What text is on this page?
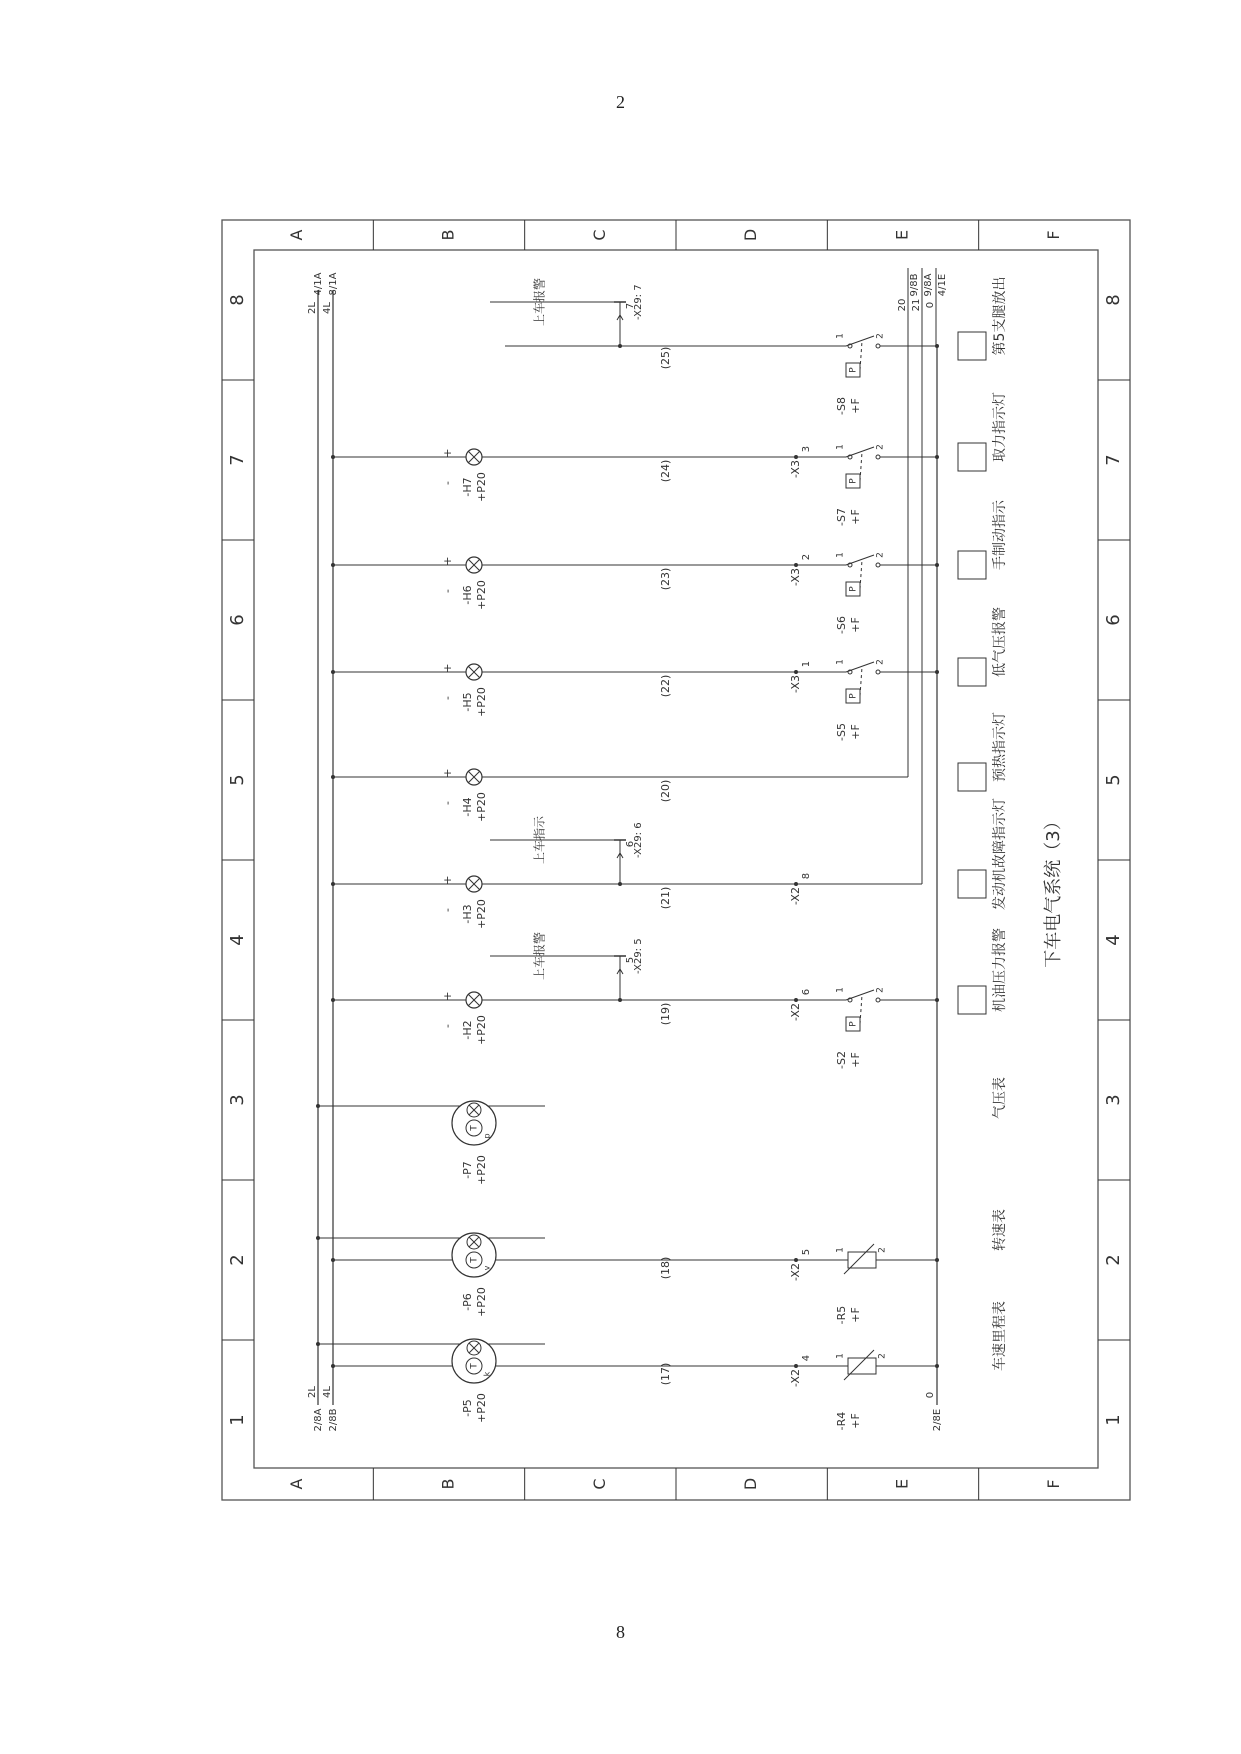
2
A
A
B
B
C
C
D
D
E
E
F
F
8	8
7	7
6	6
5	5
4	4
3	3
2	2
1	1
2L 4L
4/1A 8/1A
2L 4L
2/8A 2/8B	2/8E
0
20
9/8B
21
9/8A
0
4/1E
-X2
4
(17)
1	2
-R4 +F
T
k
-P5 +P20
车速里程表
-X2
5
(18)
1	2
-R5 +F
T
v
-P6 +P20
转速表
T
p
-P7 +P20
气压表
+
- -H2 +P20
(19)	-X2
6	1	2
P
-S2 +F
5
-X29: 5
上车报警	机油压力报警
+
- -H3 +P20
(21)	-X2
8
6
-X29: 6
上车指示	发动机故障指示灯
+
- -H4 +P20
(20)
预热指示灯
+
- -H5 +P20
(22)	-X3
1	1	2
P
-S5 +F
低气压报警
+
- -H6 +P20
(23)	-X3
2	1	2
P
-S6 +F
手制动指示
+
- -H7 +P20
(24)	-X3
3	1	2
P
-S7 +F
取力指示灯
(25)
1	2
P
-S8 +F
7
-X29: 7
上车报警	第5支腿放出
下车电气系统（3）
8
